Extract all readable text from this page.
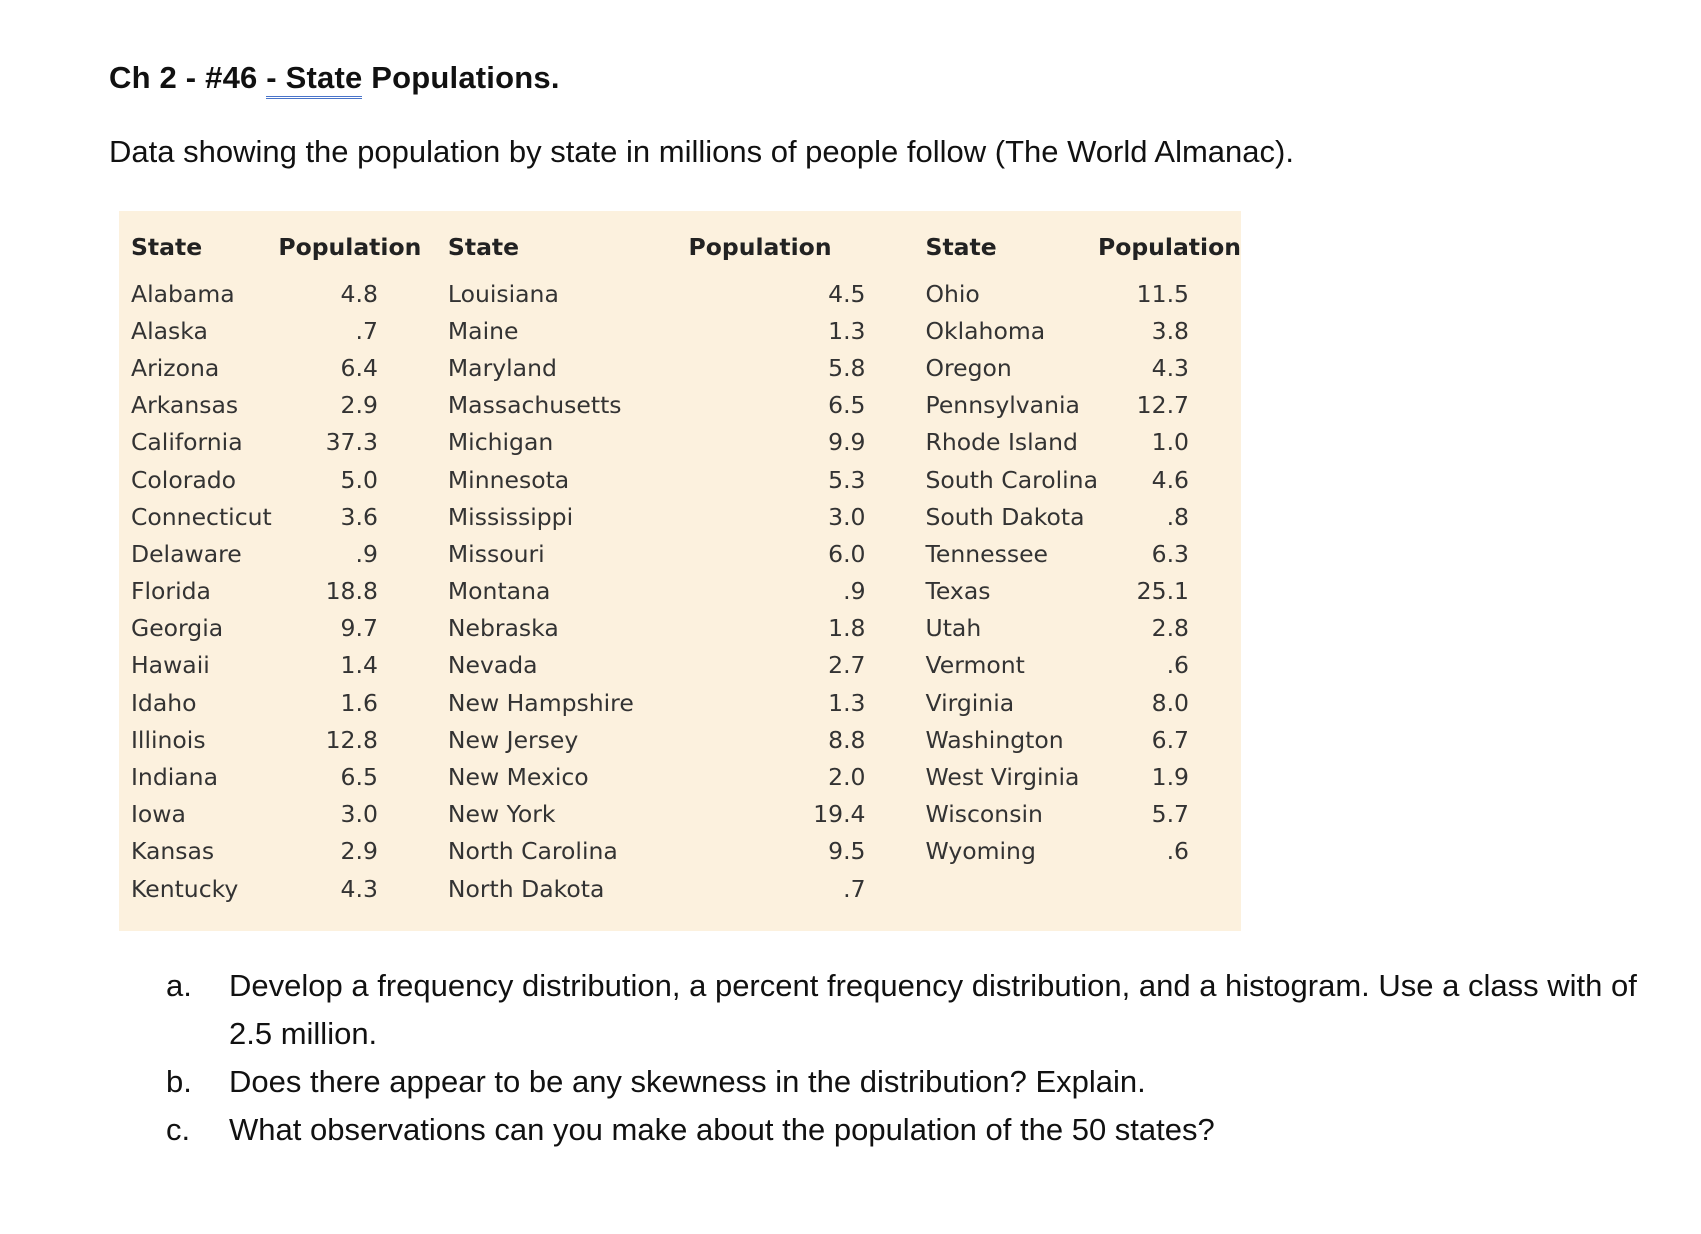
Ch 2 - #46 - State Populations.
Data showing the population by state in millions of people follow (The World Almanac).
State	Population	State	Population	State	Population
Alabama	4.8	Louisiana	4.5	Ohio	11.5
Alaska	.7	Maine	1.3	Oklahoma	3.8
Arizona	6.4	Maryland	5.8	Oregon	4.3
Arkansas	2.9	Massachusetts	6.5	Pennsylvania	12.7
California	37.3	Michigan	9.9	Rhode Island	1.0
Colorado	5.0	Minnesota	5.3	South Carolina	4.6
Connecticut	3.6	Mississippi	3.0	South Dakota	.8
Delaware	.9	Missouri	6.0	Tennessee	6.3
Florida	18.8	Montana	.9	Texas	25.1
Georgia	9.7	Nebraska	1.8	Utah	2.8
Hawaii	1.4	Nevada	2.7	Vermont	.6
Idaho	1.6	New Hampshire	1.3	Virginia	8.0
Illinois	12.8	New Jersey	8.8	Washington	6.7
Indiana	6.5	New Mexico	2.0	West Virginia	1.9
Iowa	3.0	New York	19.4	Wisconsin	5.7
Kansas	2.9	North Carolina	9.5	Wyoming	.6
Kentucky	4.3	North Dakota	.7		
a. Develop a frequency distribution, a percent frequency distribution, and a histogram. Use a class with of 2.5 million.
b. Does there appear to be any skewness in the distribution? Explain.
c. What observations can you make about the population of the 50 states?
